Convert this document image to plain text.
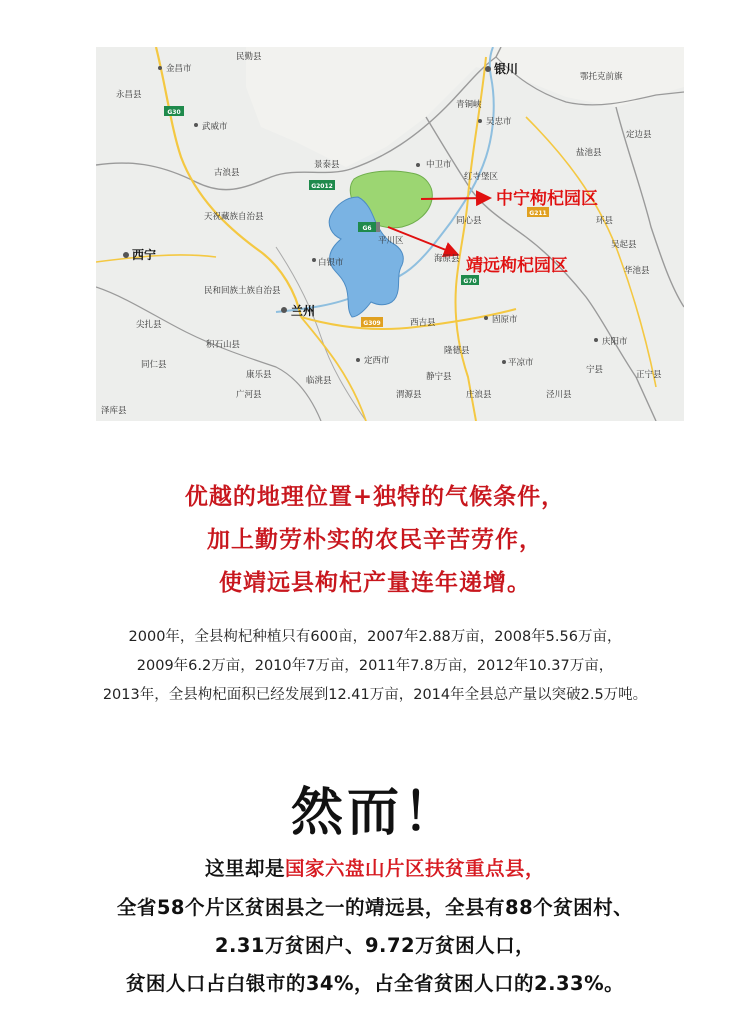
G30
G2012
G6
G70
G211
G309
金昌市
民勤县
永昌县
武威市
古浪县
天祝藏族自治县
景泰县	中卫市
银川
吴忠市
青铜峡
鄂托克前旗
定边县
盐池县
红寺堡区
同心县	环县
吴起县
华池县
白银市
平川区
海原县
西宁
兰州
民和回族土族自治县
西吉县	固原市
隆德县
平凉市
庆阳市
定西市
静宁县
庄浪县	泾川县
宁县	正宁县
临洮县
渭源县
积石山县
尖扎县
同仁县
泽库县
康乐县
广河县
中宁枸杞园区
靖远枸杞园区
优越的地理位置+独特的气候条件，
加上勤劳朴实的农民辛苦劳作，
使靖远县枸杞产量连年递增。
2000年，全县枸杞种植只有600亩，2007年2.88万亩，2008年5.56万亩，
2009年6.2万亩，2010年7万亩，2011年7.8万亩，2012年10.37万亩，
2013年，全县枸杞面积已经发展到12.41万亩，2014年全县总产量以突破2.5万吨。
然而！
这里却是国家六盘山片区扶贫重点县，
全省58个片区贫困县之一的靖远县，全县有88个贫困村、
2.31万贫困户、9.72万贫困人口，
贫困人口占白银市的34%，占全省贫困人口的2.33%。
